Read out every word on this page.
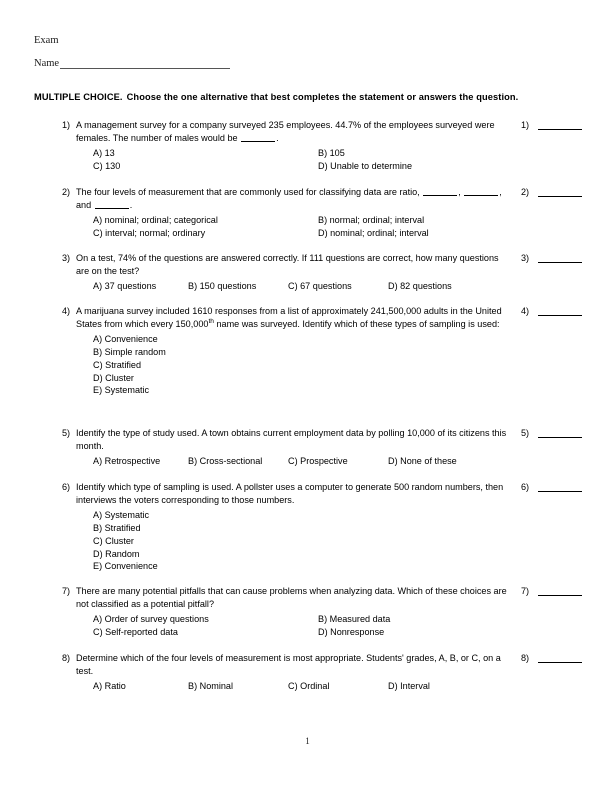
Exam
Name
MULTIPLE CHOICE. Choose the one alternative that best completes the statement or answers the question.
1) A management survey for a company surveyed 235 employees. 44.7% of the employees surveyed were females. The number of males would be	.
A) 13	B) 105
C) 130	D) Unable to determine
1)
2) The four levels of measurement that are commonly used for classifying data are ratio,	,	, and	.
A) nominal; ordinal; categorical	B) normal; ordinal; interval
C) interval; normal; ordinary	D) nominal; ordinal; interval
2)
3) On a test, 74% of the questions are answered correctly. If 111 questions are correct, how many questions are on the test?
A) 37 questions	B) 150 questions	C) 67 questions	D) 82 questions
3)
4) A marijuana survey included 1610 responses from a list of approximately 241,500,000 adults in the United States from which every 150,000th name was surveyed. Identify which of these types of sampling is used:
A) Convenience
B) Simple random
C) Stratified
D) Cluster
E) Systematic
4)
5) Identify the type of study used. A town obtains current employment data by polling 10,000 of its citizens this month.
A) Retrospective	B) Cross-sectional	C) Prospective	D) None of these
5)
6) Identify which type of sampling is used. A pollster uses a computer to generate 500 random numbers, then interviews the voters corresponding to those numbers.
A) Systematic
B) Stratified
C) Cluster
D) Random
E) Convenience
6)
7) There are many potential pitfalls that can cause problems when analyzing data. Which of these choices are not classified as a potential pitfall?
A) Order of survey questions	B) Measured data
C) Self-reported data	D) Nonresponse
7)
8) Determine which of the four levels of measurement is most appropriate. Students' grades, A, B, or C, on a test.
A) Ratio	B) Nominal	C) Ordinal	D) Interval
8)
1
